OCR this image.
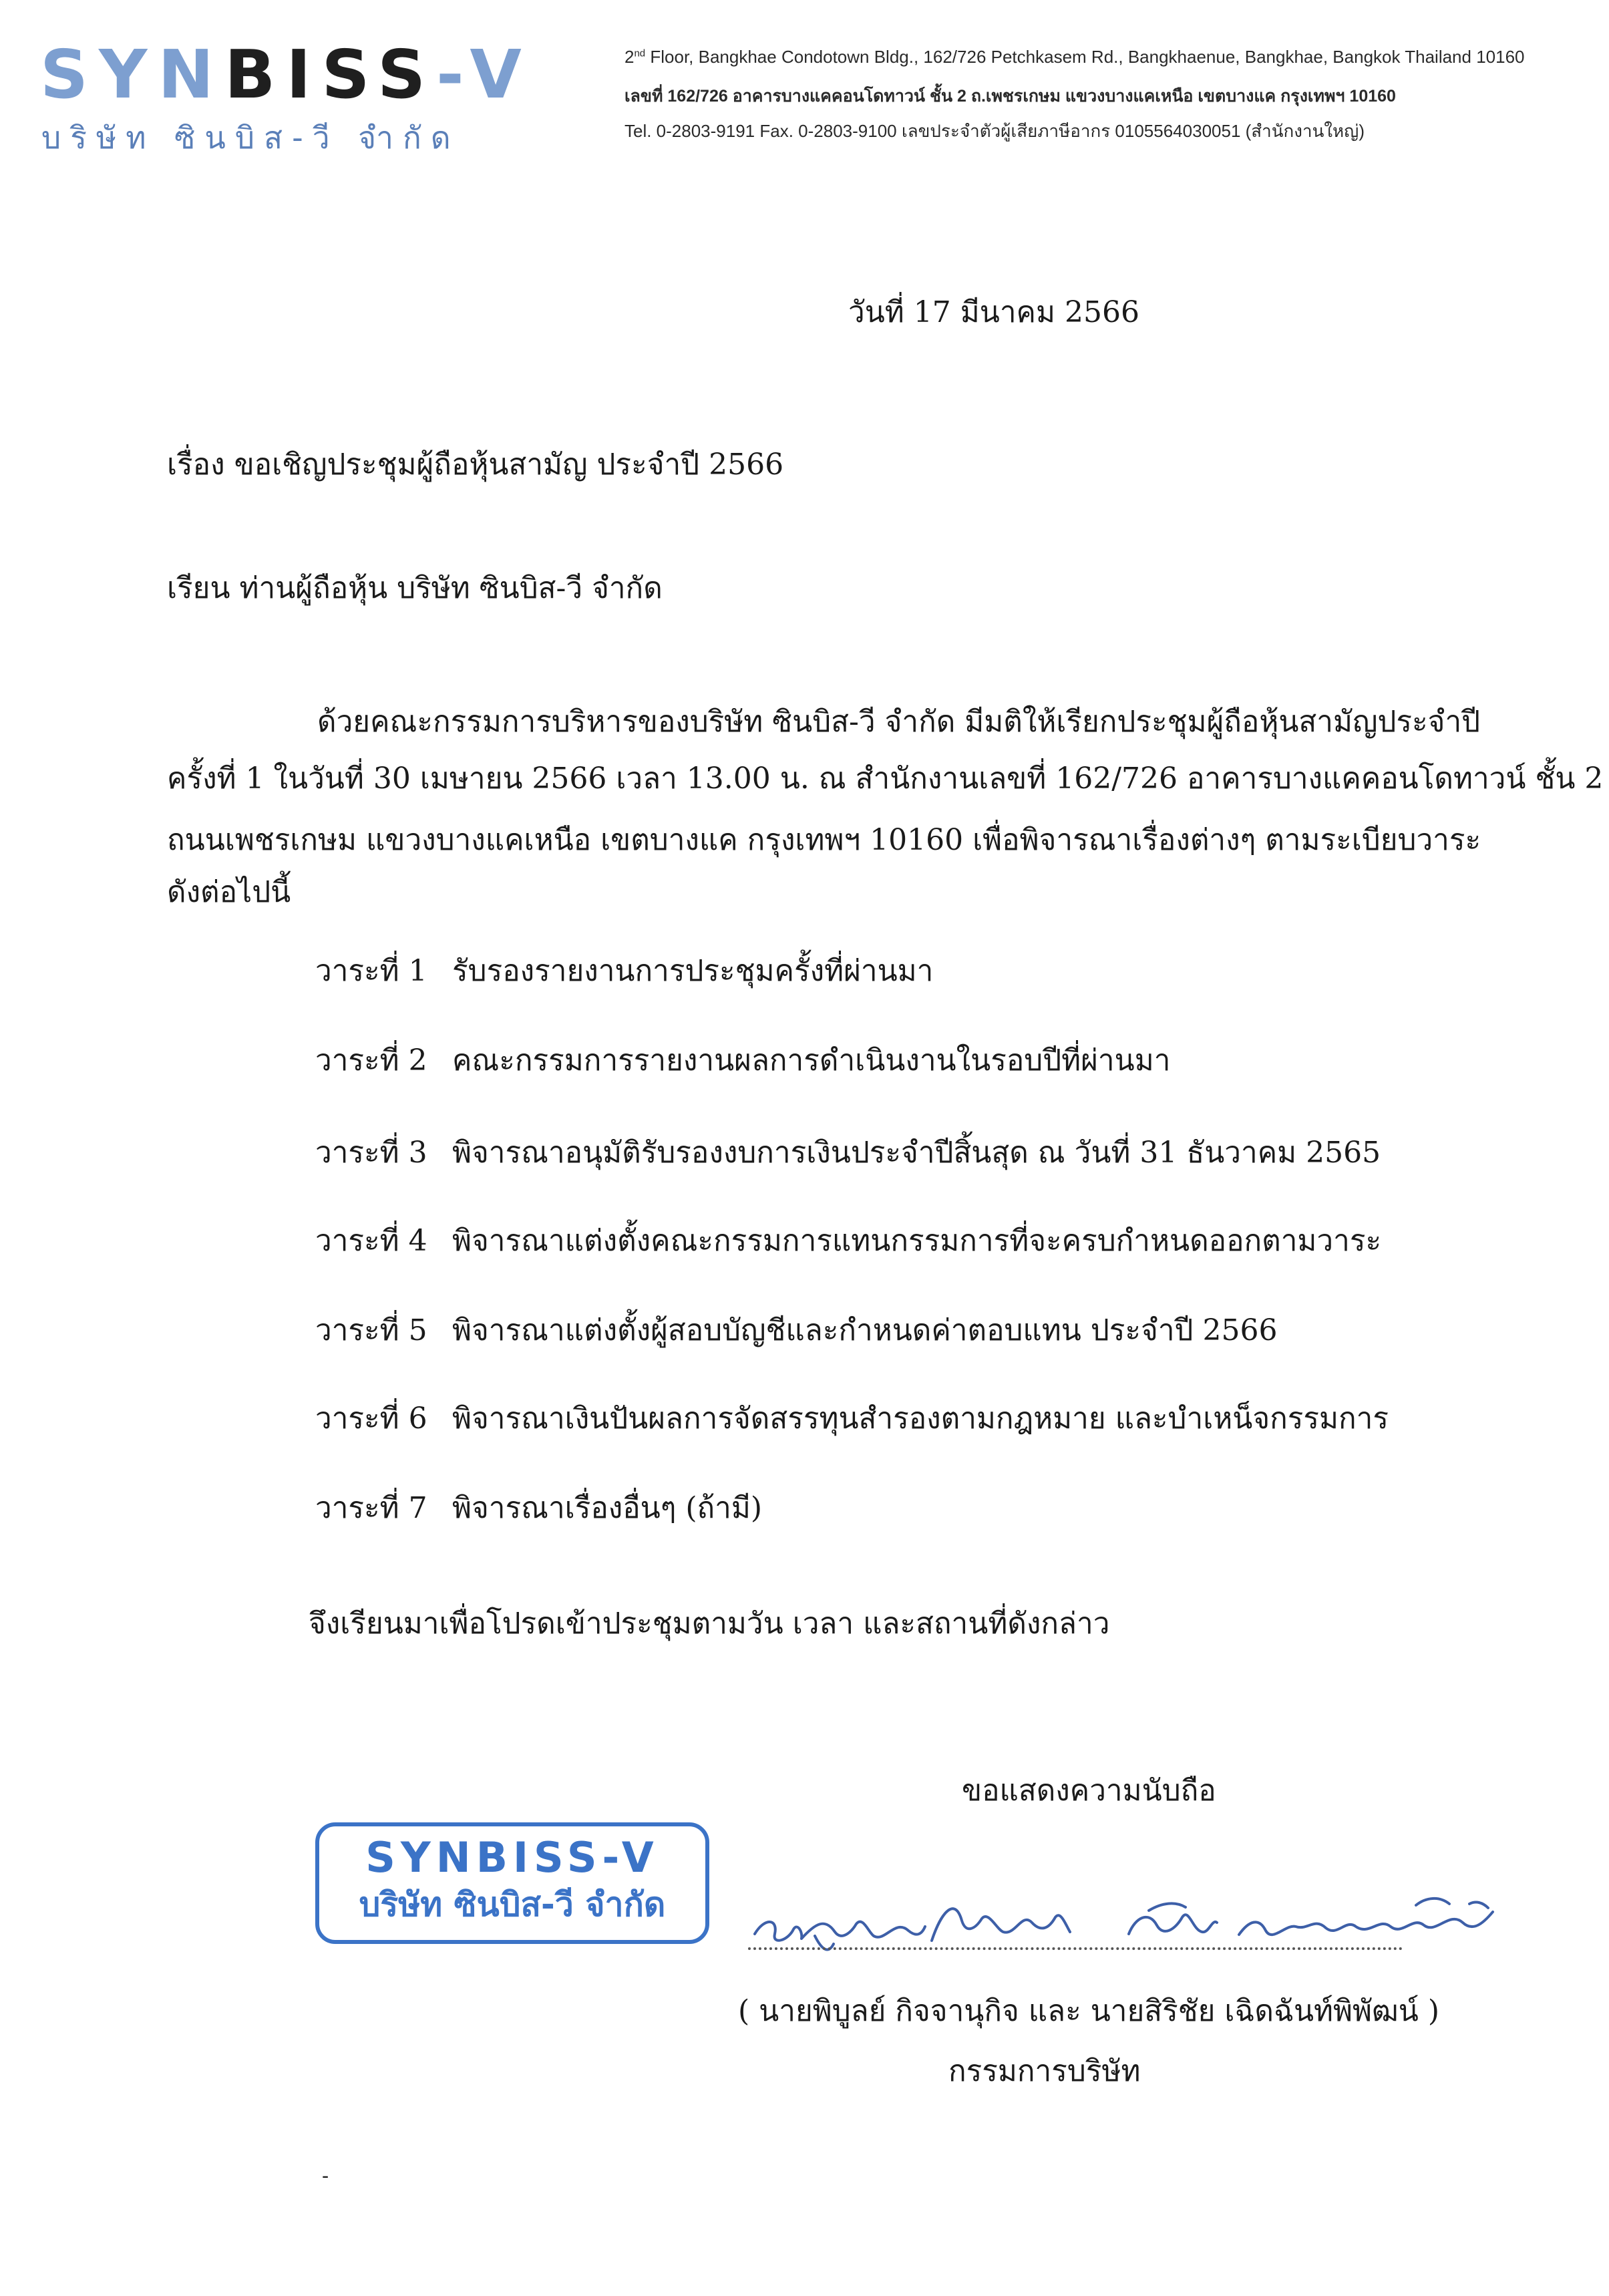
SYNBISS-V
บริษัท ซินบิส-วี จำกัด
2nd Floor, Bangkhae Condotown Bldg., 162/726 Petchkasem Rd., Bangkhaenue, Bangkhae, Bangkok Thailand 10160
เลขที่ 162/726 อาคารบางแคคอนโดทาวน์ ชั้น 2 ถ.เพชรเกษม แขวงบางแคเหนือ เขตบางแค กรุงเทพฯ 10160
Tel. 0-2803-9191 Fax. 0-2803-9100 เลขประจำตัวผู้เสียภาษีอากร 0105564030051 (สำนักงานใหญ่)
วันที่ 17 มีนาคม 2566
เรื่อง ขอเชิญประชุมผู้ถือหุ้นสามัญ ประจำปี 2566
เรียน ท่านผู้ถือหุ้น บริษัท ซินบิส-วี จำกัด
ด้วยคณะกรรมการบริหารของบริษัท ซินบิส-วี จำกัด มีมติให้เรียกประชุมผู้ถือหุ้นสามัญประจำปี
ครั้งที่ 1 ในวันที่ 30 เมษายน 2566 เวลา 13.00 น. ณ สำนักงานเลขที่ 162/726 อาคารบางแคคอนโดทาวน์ ชั้น 2
ถนนเพชรเกษม แขวงบางแคเหนือ เขตบางแค กรุงเทพฯ 10160 เพื่อพิจารณาเรื่องต่างๆ ตามระเบียบวาระ
ดังต่อไปนี้
วาระที่ 1 รับรองรายงานการประชุมครั้งที่ผ่านมา
วาระที่ 2 คณะกรรมการรายงานผลการดำเนินงานในรอบปีที่ผ่านมา
วาระที่ 3 พิจารณาอนุมัติรับรองงบการเงินประจำปีสิ้นสุด ณ วันที่ 31 ธันวาคม 2565
วาระที่ 4 พิจารณาแต่งตั้งคณะกรรมการแทนกรรมการที่จะครบกำหนดออกตามวาระ
วาระที่ 5 พิจารณาแต่งตั้งผู้สอบบัญชีและกำหนดค่าตอบแทน ประจำปี 2566
วาระที่ 6 พิจารณาเงินปันผลการจัดสรรทุนสำรองตามกฎหมาย และบำเหน็จกรรมการ
วาระที่ 7 พิจารณาเรื่องอื่นๆ (ถ้ามี)
จึงเรียนมาเพื่อโปรดเข้าประชุมตามวัน เวลา และสถานที่ดังกล่าว
ขอแสดงความนับถือ
SYNBISS-V
บริษัท ซินบิส-วี จำกัด
( นายพิบูลย์ กิจจานุกิจ และ นายสิริชัย เฉิดฉันท์พิพัฒน์ )
กรรมการบริษัท
-
